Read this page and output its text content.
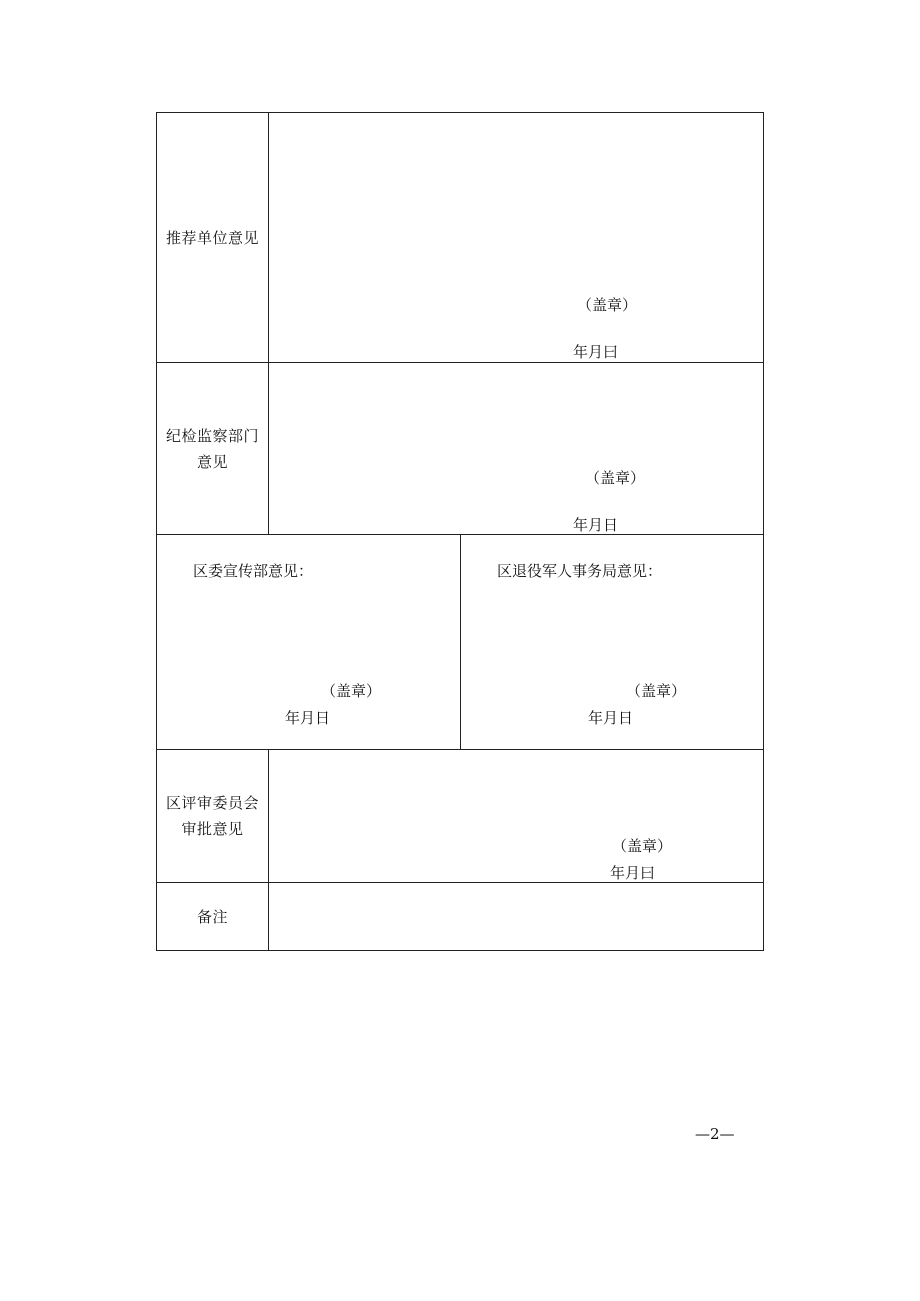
推荐单位意见
（盖章）
年月曰
纪检监察部门
意见
（盖章）
年月日
区委宣传部意见：
（盖章）
年月日
区退役军人事务局意见：
（盖章）
年月日
区评审委员会
审批意见
（盖章）
年月曰
备注
—2—
